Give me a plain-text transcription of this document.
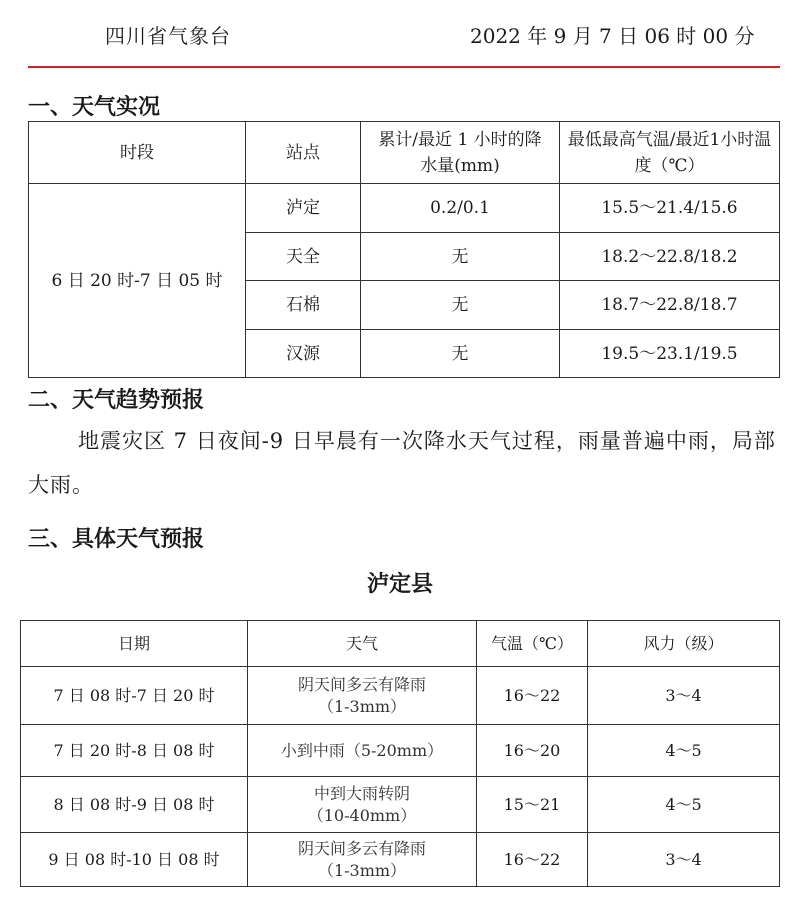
四川省气象台	2022 年 9 月 7 日 06 时 00 分
一、天气实况
时段	站点	累计/最近 1 小时的降水量(mm)	最低最高气温/最近1小时温度（℃）
6 日 20 时-7 日 05 时	泸定	0.2/0.1	15.5～21.4/15.6
	天全	无	18.2～22.8/18.2
	石棉	无	18.7～22.8/18.7
	汉源	无	19.5～23.1/19.5
二、天气趋势预报
地震灾区 7 日夜间-9 日早晨有一次降水天气过程，雨量普遍中雨，局部大雨。
三、具体天气预报
泸定县
日期	天气	气温（℃）	风力（级）
7 日 08 时-7 日 20 时	阴天间多云有降雨
（1-3mm）	16～22	3～4
7 日 20 时-8 日 08 时	小到中雨（5-20mm）	16～20	4～5
8 日 08 时-9 日 08 时	中到大雨转阴
（10-40mm）	15～21	4～5
9 日 08 时-10 日 08 时	阴天间多云有降雨
（1-3mm）	16～22	3～4
